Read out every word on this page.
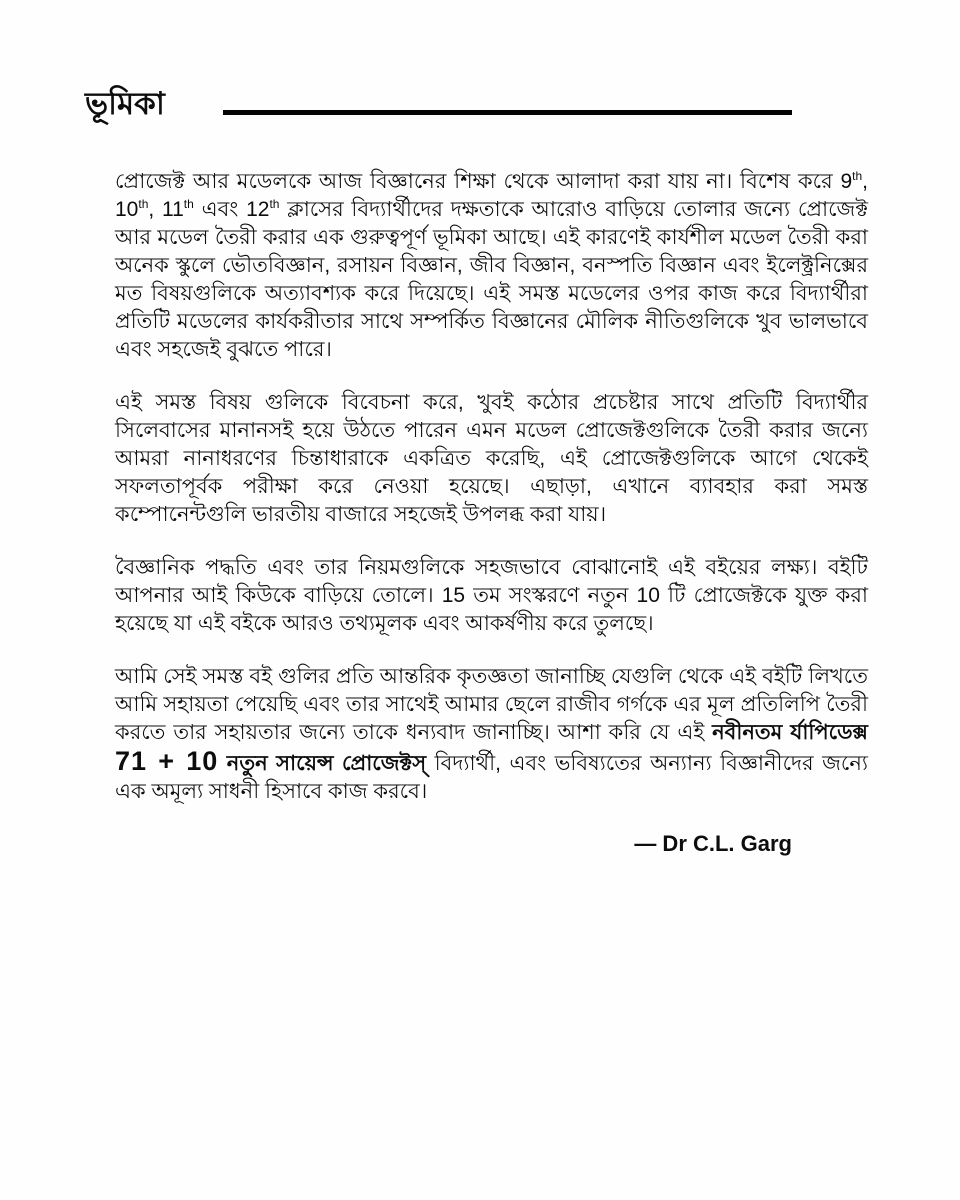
ভূমিকা

প্রোজেক্ট আর মডেলকে আজ বিজ্ঞানের শিক্ষা থেকে আলাদা করা যায় না। বিশেষ করে 9th, 10th, 11th এবং 12th ক্লাসের বিদ্যার্থীদের দক্ষতাকে আরোও বাড়িয়ে তোলার জন্যে প্রোজেক্ট আর মডেল তৈরী করার এক গুরুত্বপূর্ণ ভূমিকা আছে। এই কারণেই কার্যশীল মডেল তৈরী করা অনেক স্কুলে ভৌতবিজ্ঞান, রসায়ন বিজ্ঞান, জীব বিজ্ঞান, বনস্পতি বিজ্ঞান এবং ইলেক্ট্রনিক্সের মত বিষয়গুলিকে অত্যাবশ্যক করে দিয়েছে। এই সমস্ত মডেলের ওপর কাজ করে বিদ্যার্থীরা প্রতিটি মডেলের কার্যকরীতার সাথে সম্পর্কিত বিজ্ঞানের মৌলিক নীতিগুলিকে খুব ভালভাবে এবং সহজেই বুঝতে পারে।

এই সমস্ত বিষয় গুলিকে বিবেচনা করে, খুবই কঠোর প্রচেষ্টার সাথে প্রতিটি বিদ্যার্থীর সিলেবাসের মানানসই হয়ে উঠতে পারেন এমন মডেল প্রোজেক্টগুলিকে তৈরী করার জন্যে আমরা নানাধরণের চিন্তাধারাকে একত্রিত করেছি, এই প্রোজেক্টগুলিকে আগে থেকেই সফলতাপূর্বক পরীক্ষা করে নেওয়া হয়েছে। এছাড়া, এখানে ব্যাবহার করা সমস্ত কম্পোনেন্টগুলি ভারতীয় বাজারে সহজেই উপলব্ধ করা যায়।

বৈজ্ঞানিক পদ্ধতি এবং তার নিয়মগুলিকে সহজভাবে বোঝানোই এই বইয়ের লক্ষ্য। বইটি আপনার আই কিউকে বাড়িয়ে তোলে। 15 তম সংস্করণে নতুন 10 টি প্রোজেক্টকে যুক্ত করা হয়েছে যা এই বইকে আরও তথ্যমূলক এবং আকর্ষণীয় করে তুলছে।

আমি সেই সমস্ত বই গুলির প্রতি আন্তরিক কৃতজ্ঞতা জানাচ্ছি যেগুলি থেকে এই বইটি লিখতে আমি সহায়তা পেয়েছি এবং তার সাথেই আমার ছেলে রাজীব গর্গকে এর মূল প্রতিলিপি তৈরী করতে তার সহায়তার জন্যে তাকে ধন্যবাদ জানাচ্ছি। আশা করি যে এই নবীনতম র্যাপিডেক্স 71 + 10 নতুন সায়েন্স প্রোজেক্টস্ বিদ্যার্থী, এবং ভবিষ্যতের অন্যান্য বিজ্ঞানীদের জন্যে এক অমূল্য সাধনী হিসাবে কাজ করবে।

— Dr C.L. Garg
